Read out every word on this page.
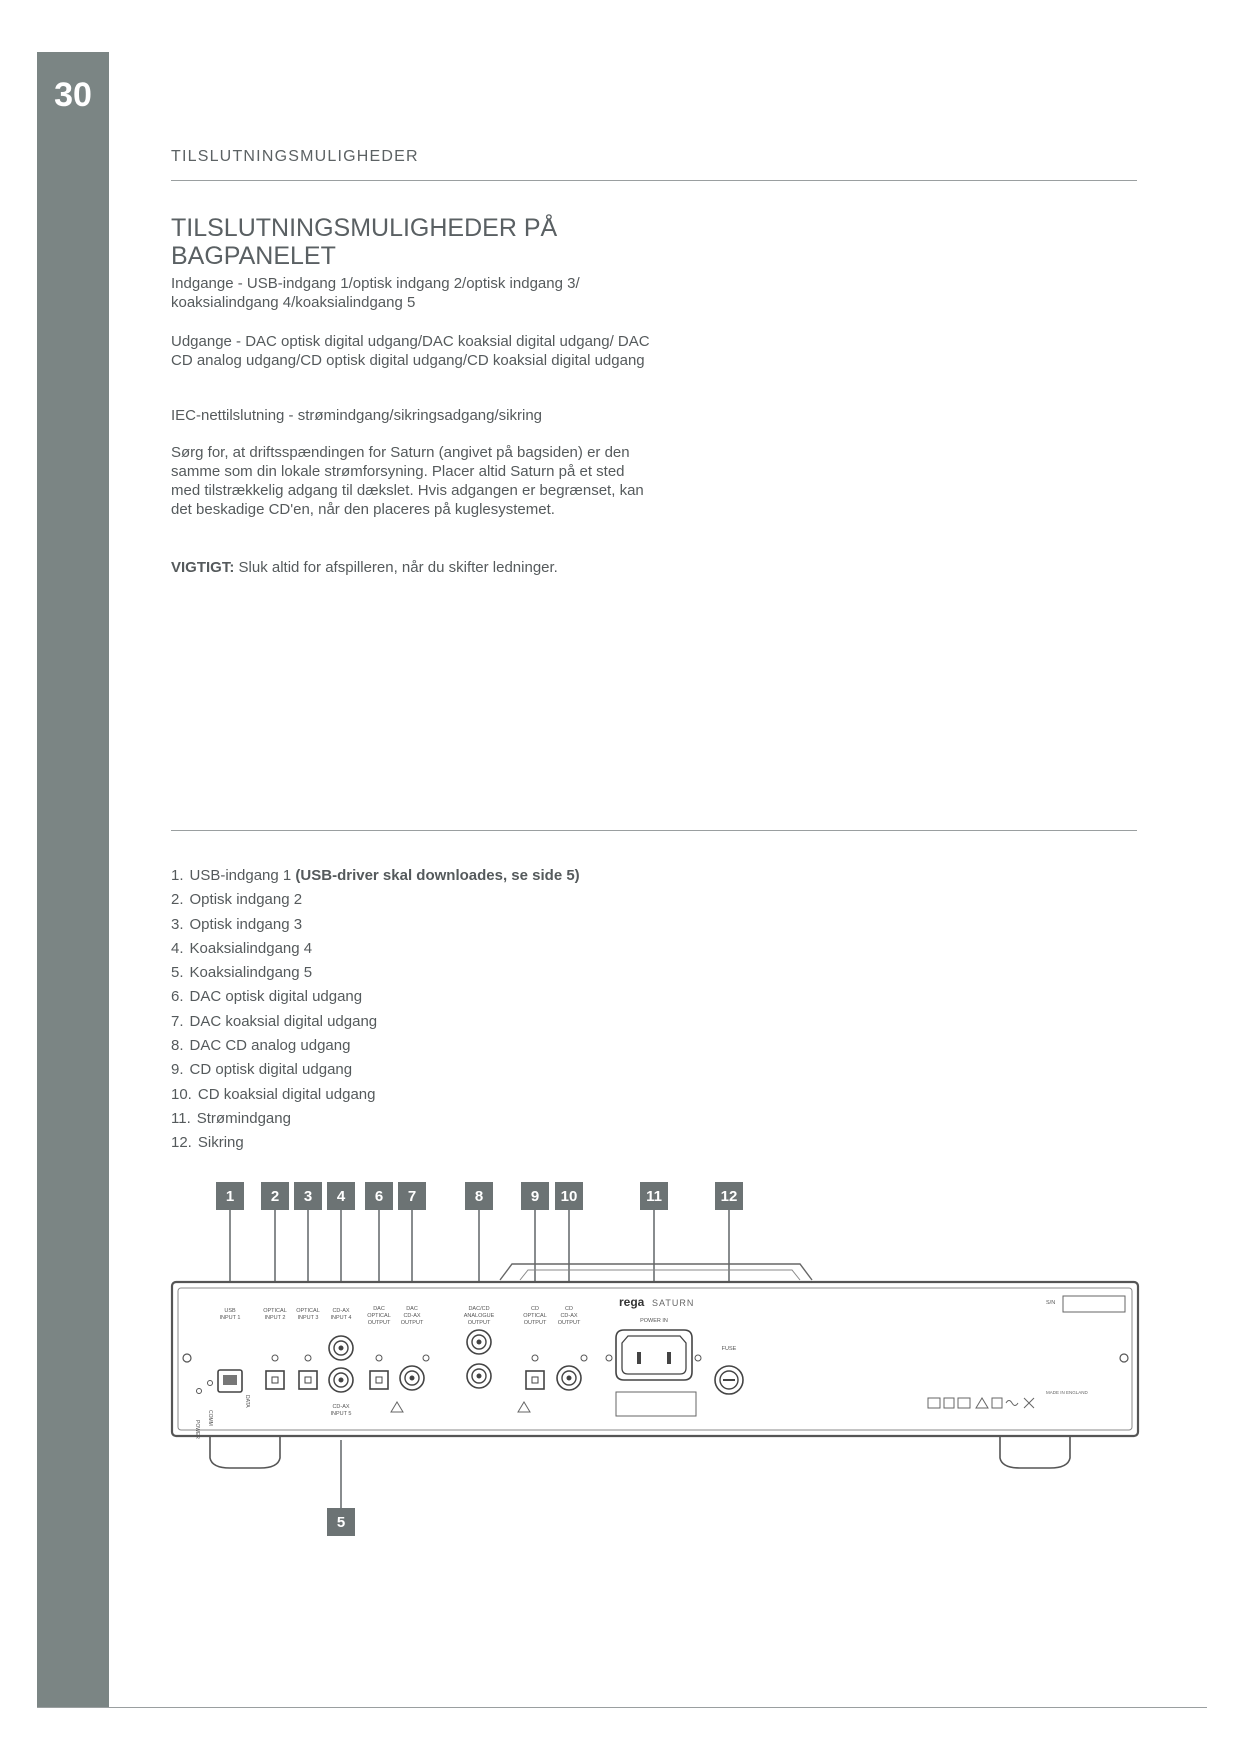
30
TILSLUTNINGSMULIGHEDER
TILSLUTNINGSMULIGHEDER PÅ BAGPANELET
Indgange - USB-indgang 1/optisk indgang 2/optisk indgang 3/ koaksialindgang 4/koaksialindgang 5
Udgange - DAC optisk digital udgang/DAC koaksial digital udgang/ DAC CD analog udgang/CD optisk digital udgang/CD koaksial digital udgang
IEC-nettilslutning - strømindgang/sikringsadgang/sikring
Sørg for, at driftsspændingen for Saturn (angivet på bagsiden) er den samme som din lokale strømforsyning. Placer altid Saturn på et sted med tilstrækkelig adgang til dækslet. Hvis adgangen er begrænset, kan det beskadige CD'en, når den placeres på kuglesystemet.
VIGTIGT: Sluk altid for afspilleren, når du skifter ledninger.
1. USB-indgang 1 (USB-driver skal downloades, se side 5)
2. Optisk indgang 2
3. Optisk indgang 3
4. Koaksialindgang 4
5. Koaksialindgang 5
6. DAC optisk digital udgang
7. DAC koaksial digital udgang
8. DAC CD analog udgang
9. CD optisk digital udgang
10. CD koaksial digital udgang
11. Strømindgang
12. Sikring
1 2 3 4 6 7	8	9 10	11	12
5
USB
INPUT 1
OPTICAL
INPUT 2
OPTICAL
INPUT 3
CD-AX
INPUT 4
DAC
OPTICAL
OUTPUT
DAC
CD-AX
OUTPUT
DAC/CD
ANALOGUE
OUTPUT
CD
OPTICAL
OUTPUT
CD
CD-AX
OUTPUT
CD-AX
INPUT 5
POWER IN
FUSE
rega SATURN	S/N
MADE IN ENGLAND
POWER
COMM
DATA
